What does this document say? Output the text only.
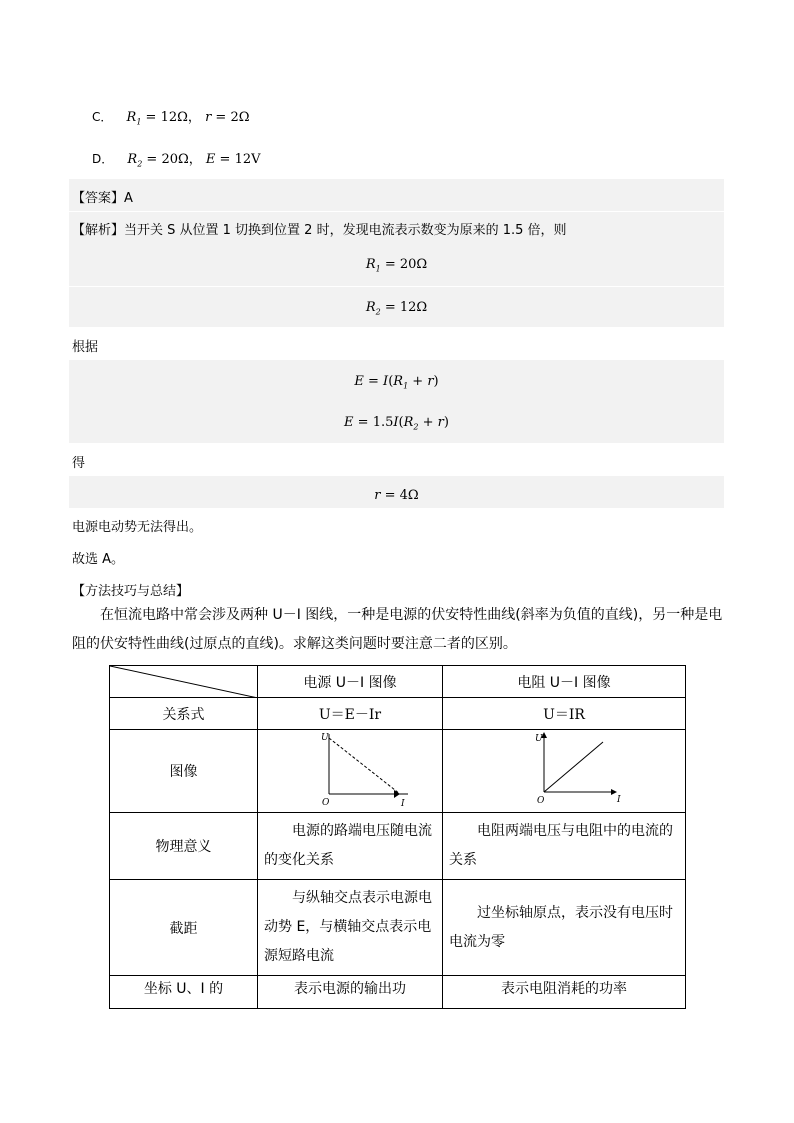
C． $R_1 = 12\Omega$， r = 2Ω
D． $R_2 = 20\Omega$， E = 12V
【答案】A
【解析】当开关 S 从位置 1 切换到位置 2 时，发现电流表示数变为原来的 1.5 倍，则
$R_1 = 20\Omega$
$R_2 = 12\Omega$
根据
$E = I(R_1 + r)$
$E = 1.5I(R_2 + r)$
得
r = 4Ω
电源电动势无法得出。
故选 A。
【方法技巧与总结】
在恒流电路中常会涉及两种 U－I 图线，一种是电源的伏安特性曲线(斜率为负值的直线)，另一种是电阻的伏安特性曲线(过原点的直线)。求解这类问题时要注意二者的区别。
	电源 U－I 图像	电阻 U－I 图像
关系式	U＝E－Ir	U＝IR
图像	U
I
O	U
I
O

物理意义	电源的路端电压随电流的变化关系	电阻两端电压与电阻中的电流的关系
截距	与纵轴交点表示电源电动势 E，与横轴交点表示电源短路电流	过坐标轴原点，表示没有电压时电流为零
坐标 U、I 的	表示电源的输出功	表示电阻消耗的功率
